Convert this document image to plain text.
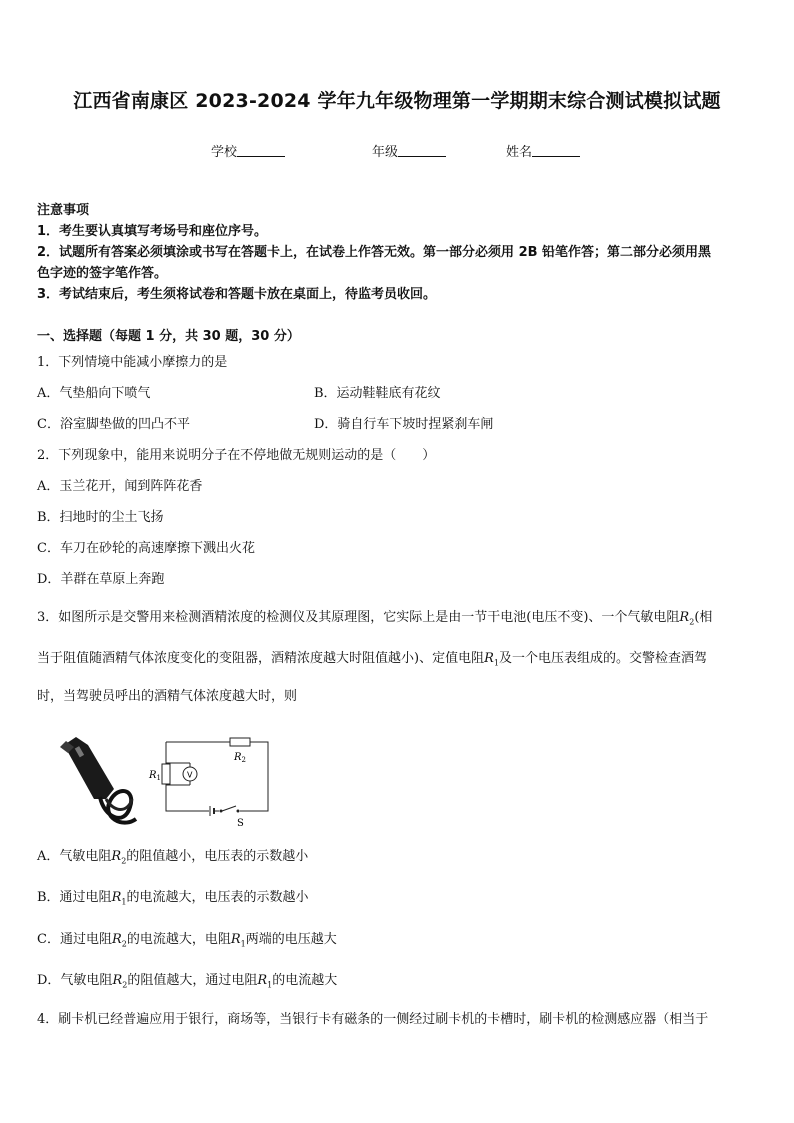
江西省南康区 2023-2024 学年九年级物理第一学期期末综合测试模拟试题
学校	年级	姓名
注意事项
1．考生要认真填写考场号和座位序号。
2．试题所有答案必须填涂或书写在答题卡上，在试卷上作答无效。第一部分必须用 2B 铅笔作答；第二部分必须用黑
色字迹的签字笔作答。
3．考试结束后，考生须将试卷和答题卡放在桌面上，待监考员收回。
一、选择题（每题 1 分，共 30 题，30 分）
1．下列情境中能减小摩擦力的是
A．气垫船向下喷气	B．运动鞋鞋底有花纹
C．浴室脚垫做的凹凸不平	D．骑自行车下坡时捏紧刹车闸
2．下列现象中，能用来说明分子在不停地做无规则运动的是（　　）
A．玉兰花开，闻到阵阵花香
B．扫地时的尘土飞扬
C．车刀在砂轮的高速摩擦下溅出火花
D．羊群在草原上奔跑
3．如图所示是交警用来检测酒精浓度的检测仪及其原理图，它实际上是由一节干电池(电压不变)、一个气敏电阻$R_2$(相
当于阻值随酒精气体浓度变化的变阻器，酒精浓度越大时阻值越小)、定值电阻$R_1$及一个电压表组成的。交警检查酒驾
时，当驾驶员呼出的酒精气体浓度越大时，则
$R_1$
$R_2$
V
S
A．气敏电阻$R_2$的阻值越小，电压表的示数越小
B．通过电阻$R_1$的电流越大，电压表的示数越小
C．通过电阻$R_2$的电流越大，电阻$R_1$两端的电压越大
D．气敏电阻$R_2$的阻值越大，通过电阻$R_1$的电流越大
4．刷卡机已经普遍应用于银行，商场等，当银行卡有磁条的一侧经过刷卡机的卡槽时，刷卡机的检测感应器（相当于
